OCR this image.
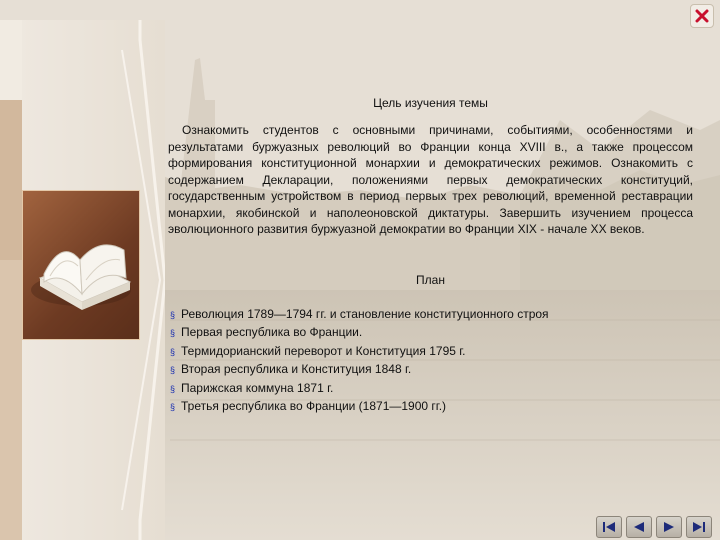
Цель изучения темы

Ознакомить студентов с основными причинами, событиями, особенностями и результатами буржуазных революций во Франции конца XVIII в., а также процессом формирования конституционной монархии и демократических режимов. Ознакомить с содержанием Декларации, положениями первых демократических конституций, государственным устройством в период первых трех революций, временной реставрации монархии, якобинской и наполеоновской диктатуры. Завершить изучением процесса эволюционного развития буржуазной демократии во Франции XIX - начале XX веков.

План
§ Революция 1789—1794 гг. и становление конституционного строя
§ Первая республика во Франции.
§ Термидорианский переворот и Конституция 1795 г.
§ Вторая республика и Конституция 1848 г.
§ Парижская коммуна 1871 г.
§ Третья республика во Франции (1871—1900 гг.)
